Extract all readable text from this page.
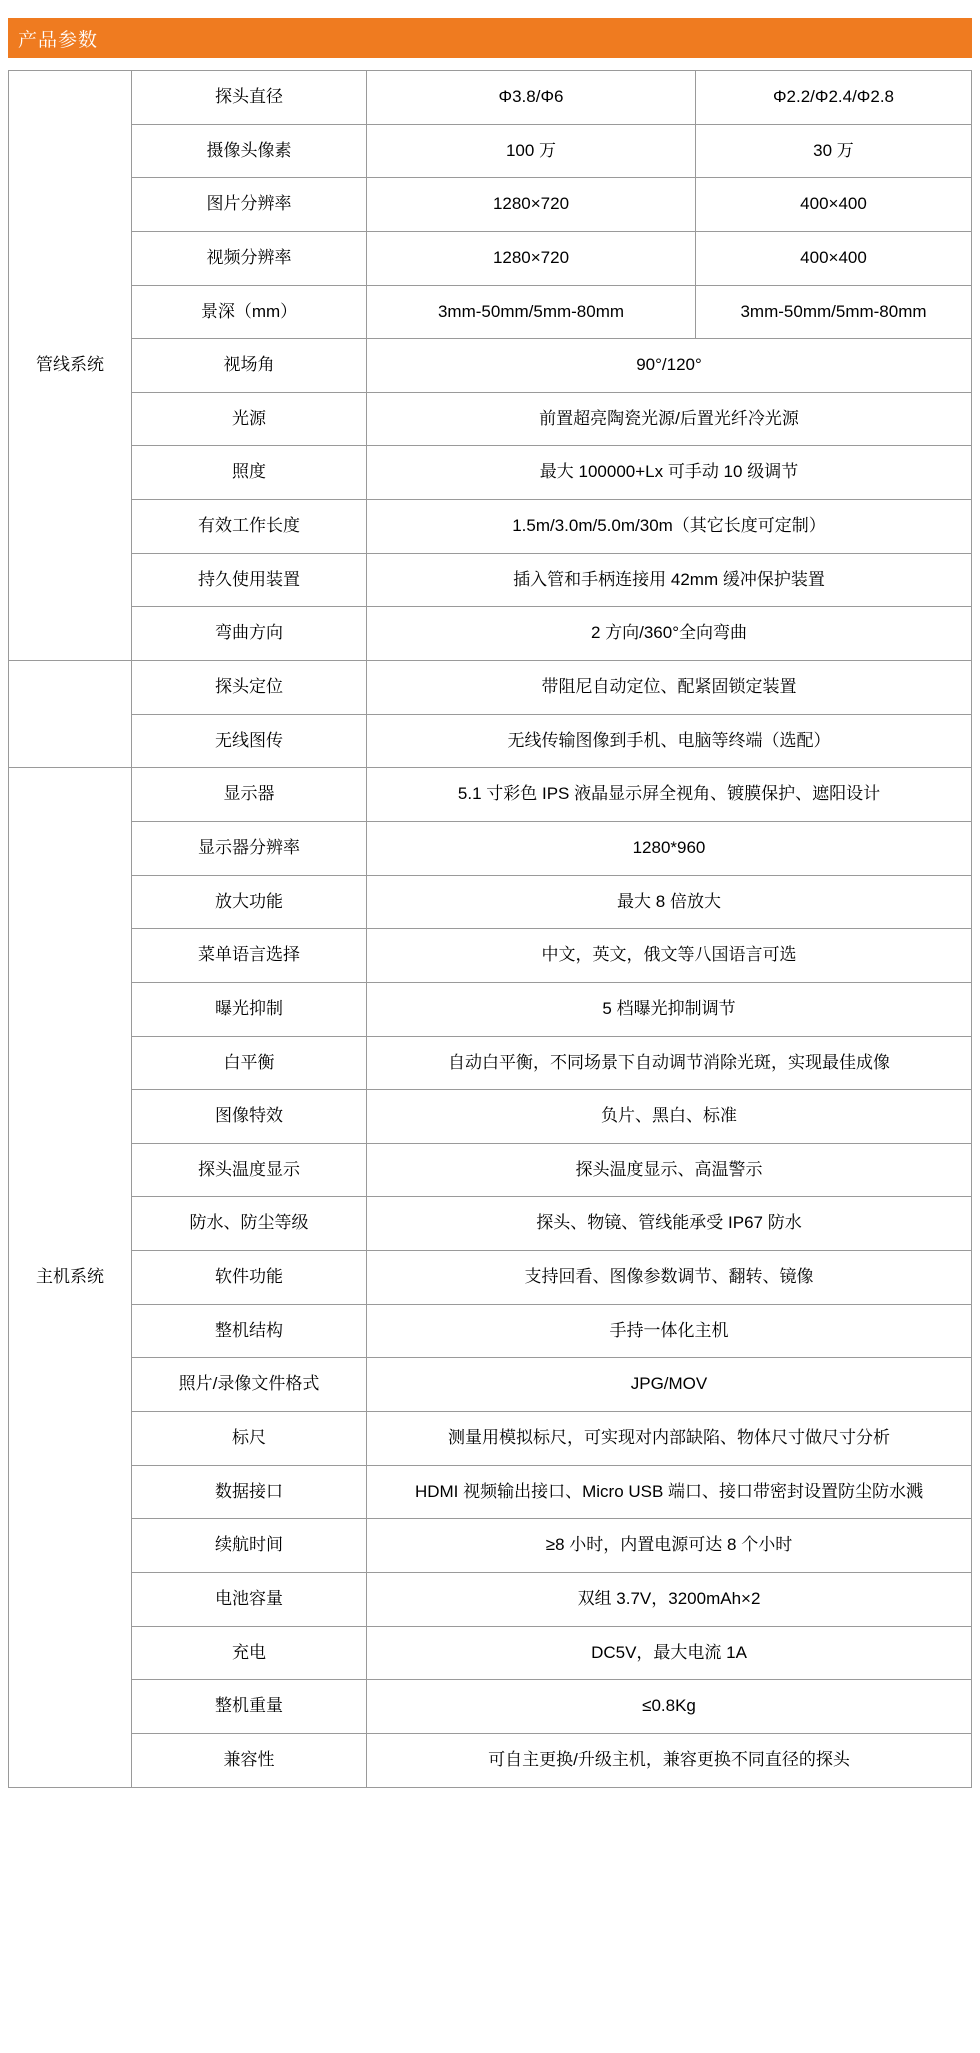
产品参数
管线系统	探头直径	Φ3.8/Φ6	Φ2.2/Φ2.4/Φ2.8
	摄像头像素	100 万	30 万
	图片分辨率	1280×720	400×400
	视频分辨率	1280×720	400×400
	景深（mm）	3mm-50mm/5mm-80mm	3mm-50mm/5mm-80mm
	视场角	90°/120°	
	光源	前置超亮陶瓷光源/后置光纤冷光源	
	照度	最大 100000+Lx 可手动 10 级调节	
	有效工作长度	1.5m/3.0m/5.0m/30m（其它长度可定制）	
	持久使用装置	插入管和手柄连接用 42mm 缓冲保护装置	
	弯曲方向	2 方向/360°全向弯曲	
	探头定位	带阻尼自动定位、配紧固锁定装置	
	无线图传	无线传输图像到手机、电脑等终端（选配）	
主机系统	显示器	5.1 寸彩色 IPS 液晶显示屏全视角、镀膜保护、遮阳设计	
	显示器分辨率	1280*960	
	放大功能	最大 8 倍放大	
	菜单语言选择	中文，英文，俄文等八国语言可选	
	曝光抑制	5 档曝光抑制调节	
	白平衡	自动白平衡，不同场景下自动调节消除光斑，实现最佳成像	
	图像特效	负片、黑白、标准	
	探头温度显示	探头温度显示、高温警示	
	防水、防尘等级	探头、物镜、管线能承受 IP67 防水	
	软件功能	支持回看、图像参数调节、翻转、镜像	
	整机结构	手持一体化主机	
	照片/录像文件格式	JPG/MOV	
	标尺	测量用模拟标尺，可实现对内部缺陷、物体尺寸做尺寸分析	
	数据接口	HDMI 视频输出接口、Micro USB 端口、接口带密封设置防尘防水溅	
	续航时间	≥8 小时，内置电源可达 8 个小时	
	电池容量	双组 3.7V，3200mAh×2	
	充电	DC5V，最大电流 1A	
	整机重量	≤0.8Kg	
	兼容性	可自主更换/升级主机，兼容更换不同直径的探头	
